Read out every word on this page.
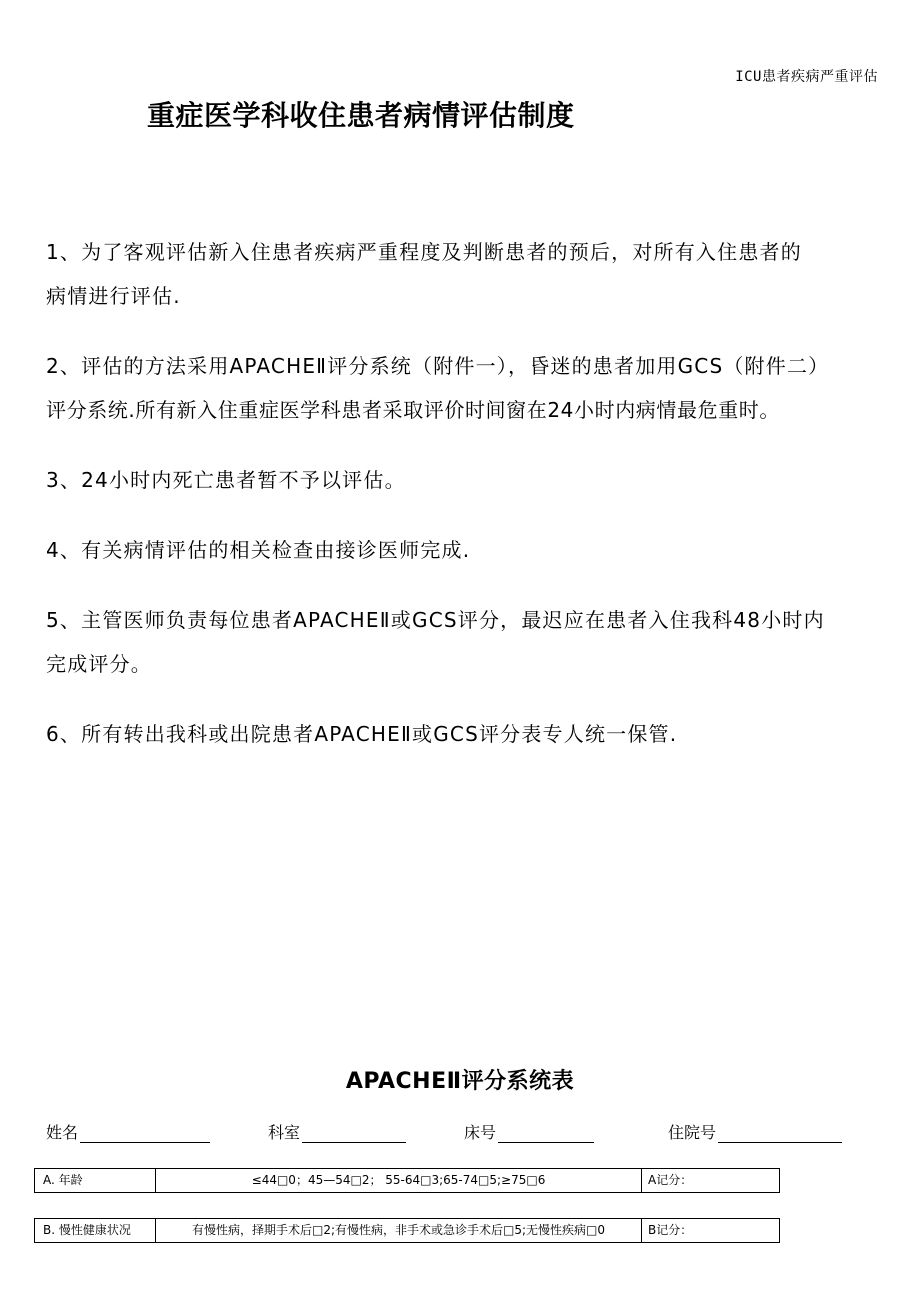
ICU患者疾病严重评估
重症医学科收住患者病情评估制度
1、为了客观评估新入住患者疾病严重程度及判断患者的预后，对所有入住患者的
病情进行评估.
2、评估的方法采用APACHEⅡ评分系统（附件一），昏迷的患者加用GCS（附件二）
评分系统.所有新入住重症医学科患者采取评价时间窗在24小时内病情最危重时。
3、24小时内死亡患者暂不予以评估。
4、有关病情评估的相关检查由接诊医师完成.
5、主管医师负责每位患者APACHEⅡ或GCS评分，最迟应在患者入住我科48小时内
完成评分。
6、所有转出我科或出院患者APACHEⅡ或GCS评分表专人统一保管.
APACHEⅡ评分系统表
姓名	科室	床号	住院号
A. 年龄	≤44□0；45—54□2； 55-64□3;65-74□5;≥75□6	A记分：
B. 慢性健康状况	有慢性病，择期手术后□2;有慢性病，非手术或急诊手术后□5;无慢性疾病□0	B记分：
